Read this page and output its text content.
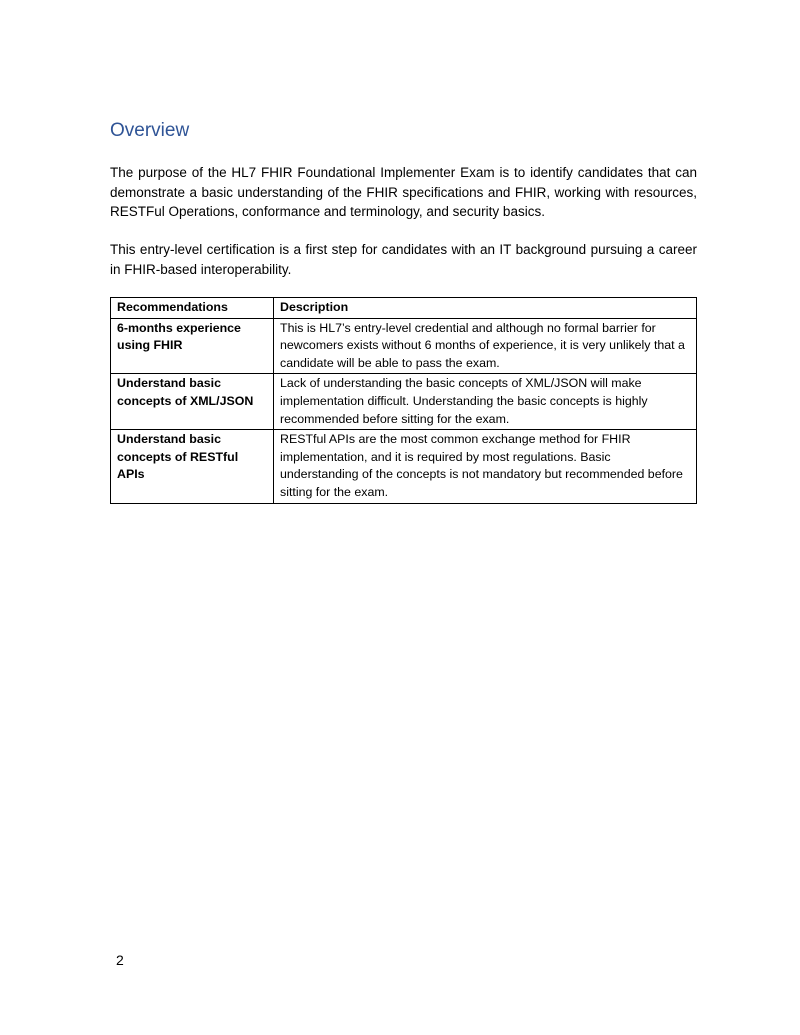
Overview

The purpose of the HL7 FHIR Foundational Implementer Exam is to identify candidates that can demonstrate a basic understanding of the FHIR specifications and FHIR, working with resources, RESTFul Operations, conformance and terminology, and security basics.

This entry-level certification is a first step for candidates with an IT background pursuing a career in FHIR-based interoperability.

Recommendations	Description
6-months experience using FHIR	This is HL7’s entry-level credential and although no formal barrier for newcomers exists without 6 months of experience, it is very unlikely that a candidate will be able to pass the exam.
Understand basic concepts of XML/JSON	Lack of understanding the basic concepts of XML/JSON will make implementation difficult. Understanding the basic concepts is highly recommended before sitting for the exam.
Understand basic concepts of RESTful APIs	RESTful APIs are the most common exchange method for FHIR implementation, and it is required by most regulations. Basic understanding of the concepts is not mandatory but recommended before sitting for the exam.
2
